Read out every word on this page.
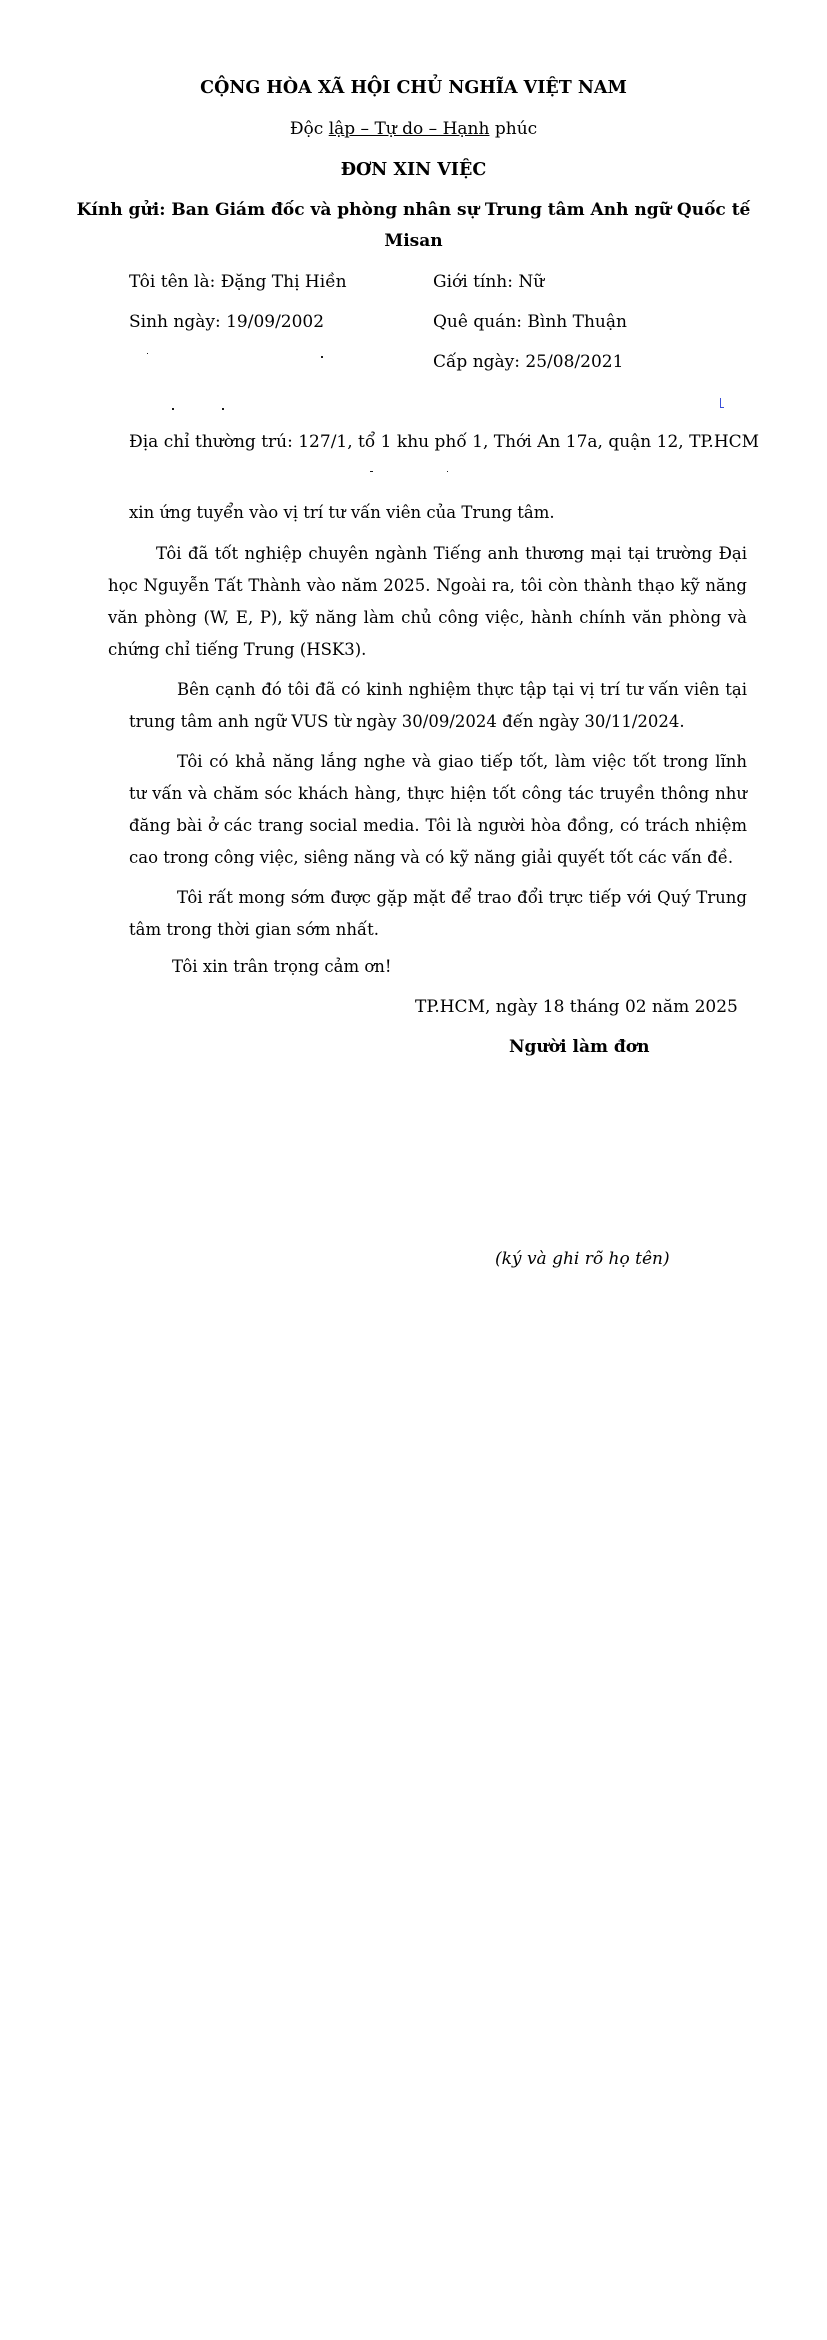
CỘNG HÒA XÃ HỘI CHỦ NGHĨA VIỆT NAM
Độc lập – Tự do – Hạnh phúc
ĐƠN XIN VIỆC
Kính gửi: Ban Giám đốc và phòng nhân sự Trung tâm Anh ngữ Quốc tế
Misan
Tôi tên là: Đặng Thị Hiền	Giới tính: Nữ
Sinh ngày: 19/09/2002	Quê quán: Bình Thuận
Cấp ngày: 25/08/2021
Địa chỉ thường trú: 127/1, tổ 1 khu phố 1, Thới An 17a, quận 12, TP.HCM
xin ứng tuyển vào vị trí tư vấn viên của Trung tâm.
Tôi đã tốt nghiệp chuyên ngành Tiếng anh thương mại tại trường Đại học Nguyễn Tất Thành vào năm 2025. Ngoài ra, tôi còn thành thạo kỹ năng văn phòng (W, E, P), kỹ năng làm chủ công việc, hành chính văn phòng và chứng chỉ tiếng Trung (HSK3).
Bên cạnh đó tôi đã có kinh nghiệm thực tập tại vị trí tư vấn viên tại trung tâm anh ngữ VUS từ ngày 30/09/2024 đến ngày 30/11/2024.
Tôi có khả năng lắng nghe và giao tiếp tốt, làm việc tốt trong lĩnh tư vấn và chăm sóc khách hàng, thực hiện tốt công tác truyền thông như đăng bài ở các trang social media. Tôi là người hòa đồng, có trách nhiệm cao trong công việc, siêng năng và có kỹ năng giải quyết tốt các vấn đề.
Tôi rất mong sớm được gặp mặt để trao đổi trực tiếp với Quý Trung tâm trong thời gian sớm nhất.
Tôi xin trân trọng cảm ơn!
TP.HCM, ngày 18 tháng 02 năm 2025
Người làm đơn
(ký và ghi rõ họ tên)
